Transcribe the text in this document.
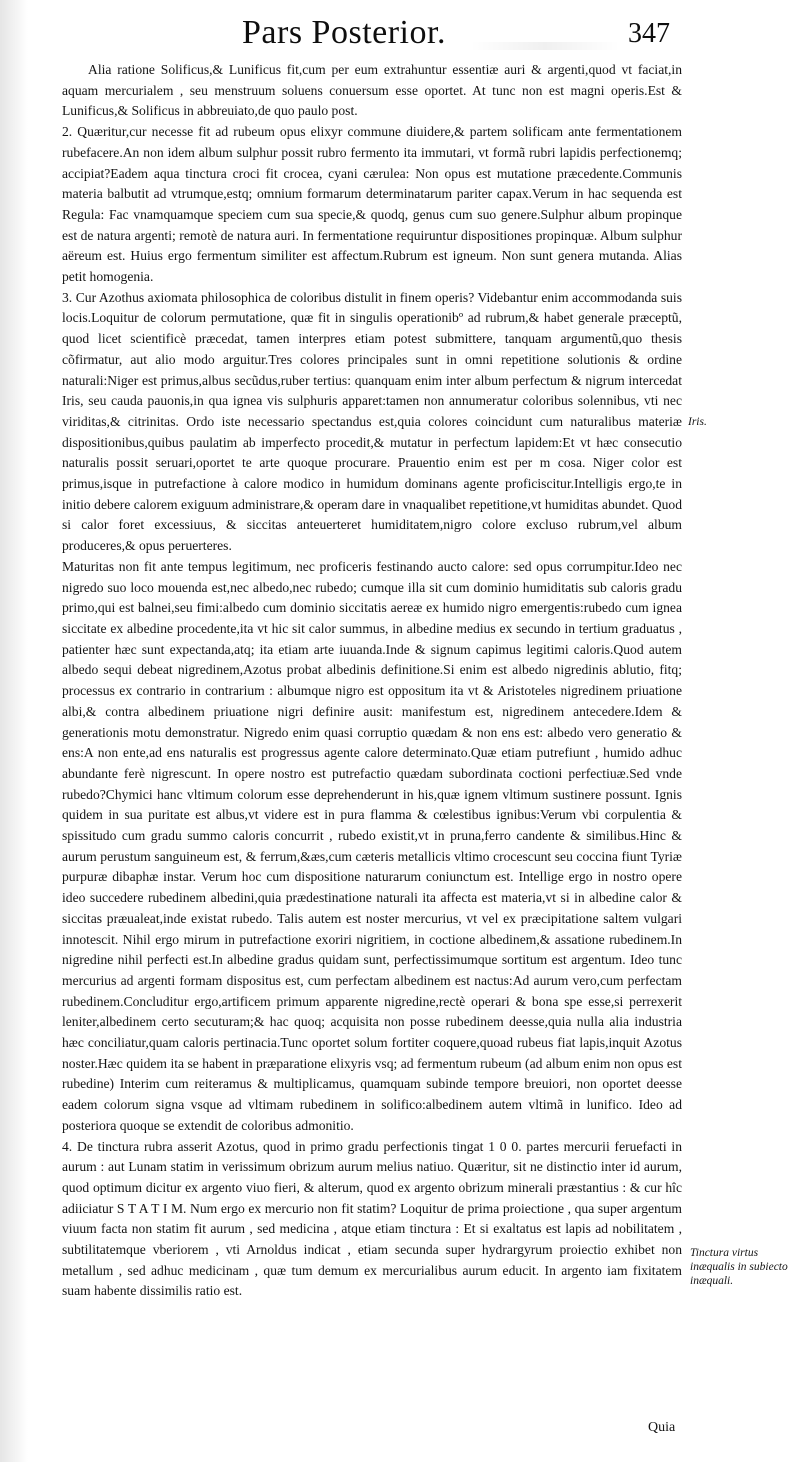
Pars Posterior.	347

Alia ratione Solificus,& Lunificus fit,cum per eum extrahuntur essentiæ auri & argenti,quod vt faciat,in aquam mercurialem , seu menstruum soluens conuersum esse oportet. At tunc non est magni operis.Est & Lunificus,& Solificus in abbreuiato,de quo paulo post.

2. Quæritur,cur necesse fit ad rubeum opus elixyr commune diuidere,& partem solificam ante fermentationem rubefacere.An non idem album sulphur possit rubro fermento ita immutari, vt formã rubri lapidis perfectionemq; accipiat?Eadem aqua tinctura croci fit crocea, cyani cærulea: Non opus est mutatione præcedente.Communis materia balbutit ad vtrumque,estq; omnium formarum determinatarum pariter capax.Verum in hac sequenda est Regula: Fac vnamquamque speciem cum sua specie,& quodq, genus cum suo genere.Sulphur album propinque est de natura argenti; remotè de natura auri. In fermentatione requiruntur dispositiones propinquæ. Album sulphur aëreum est. Huius ergo fermentum similiter est affectum.Rubrum est igneum. Non sunt genera mutanda. Alias petit homogenia.

3. Cur Azothus axiomata philosophica de coloribus distulit in finem operis? Videbantur enim accommodanda suis locis.Loquitur de colorum permutatione, quæ fit in singulis operationibº ad rubrum,& habet generale præceptũ, quod licet scientificè præcedat, tamen interpres etiam potest submittere, tanquam argumentũ,quo thesis cõfirmatur, aut alio modo arguitur.Tres colores principales sunt in omni repetitione solutionis & ordine naturali:Niger est primus,albus secũdus,ruber tertius: quanquam enim inter album perfectum & nigrum intercedat Iris, seu cauda pauonis,in qua ignea vis sulphuris apparet:tamen non annumeratur coloribus solennibus, vti nec viriditas,& citrinitas. Ordo iste necessario spectandus est,quia colores coincidunt cum naturalibus materiæ dispositionibus,quibus paulatim ab imperfecto procedit,& mutatur in perfectum lapidem:Et vt hæc consecutio naturalis possit seruari,oportet te arte quoque procurare. Prauentio enim est per m cosa. Niger color est primus,isque in putrefactione à calore modico in humidum dominans agente proficiscitur.Intelligis ergo,te in initio debere calorem exiguum administrare,& operam dare in vnaqualibet repetitione,vt humiditas abundet. Quod si calor foret excessiuus, & siccitas anteuerteret humiditatem,nigro colore excluso rubrum,vel album produceres,& opus peruerteres.

Maturitas non fit ante tempus legitimum, nec proficeris festinando aucto calore: sed opus corrumpitur.Ideo nec nigredo suo loco mouenda est,nec albedo,nec rubedo; cumque illa sit cum dominio humiditatis sub caloris gradu primo,qui est balnei,seu fimi:albedo cum dominio siccitatis aereæ ex humido nigro emergentis:rubedo cum ignea siccitate ex albedine procedente,ita vt hic sit calor summus, in albedine medius ex secundo in tertium graduatus , patienter hæc sunt expectanda,atq; ita etiam arte iuuanda.Inde & signum capimus legitimi caloris.Quod autem albedo sequi debeat nigredinem,Azotus probat albedinis definitione.Si enim est albedo nigredinis ablutio, fitq; processus ex contrario in contrarium : albumque nigro est oppositum ita vt & Aristoteles nigredinem priuatione albi,& contra albedinem priuatione nigri definire ausit: manifestum est, nigredinem antecedere.Idem & generationis motu demonstratur. Nigredo enim quasi corruptio quædam & non ens est: albedo vero generatio & ens:A non ente,ad ens naturalis est progressus agente calore determinato.Quæ etiam putrefiunt , humido adhuc abundante ferè nigrescunt. In opere nostro est putrefactio quædam subordinata coctioni perfectiuæ.Sed vnde rubedo?Chymici hanc vltimum colorum esse deprehenderunt in his,quæ ignem vltimum sustinere possunt. Ignis quidem in sua puritate est albus,vt videre est in pura flamma & cœlestibus ignibus:Verum vbi corpulentia & spissitudo cum gradu summo caloris concurrit , rubedo existit,vt in pruna,ferro candente & similibus.Hinc & aurum perustum sanguineum est, & ferrum,&æs,cum cæteris metallicis vltimo crocescunt seu coccina fiunt Tyriæ purpuræ dibaphæ instar. Verum hoc cum dispositione naturarum coniunctum est. Intellige ergo in nostro opere ideo succedere rubedinem albedini,quia prædestinatione naturali ita affecta est materia,vt si in albedine calor & siccitas præualeat,inde existat rubedo. Talis autem est noster mercurius, vt vel ex præcipitatione saltem vulgari innotescit. Nihil ergo mirum in putrefactione exoriri nigritiem, in coctione albedinem,& assatione rubedinem.In nigredine nihil perfecti est.In albedine gradus quidam sunt, perfectissimumque sortitum est argentum. Ideo tunc mercurius ad argenti formam dispositus est, cum perfectam albedinem est nactus:Ad aurum vero,cum perfectam rubedinem.Concluditur ergo,artificem primum apparente nigredine,rectè operari & bona spe esse,si perrexerit leniter,albedinem certo secuturam;& hac quoq; acquisita non posse rubedinem deesse,quia nulla alia industria hæc conciliatur,quam caloris pertinacia.Tunc oportet solum fortiter coquere,quoad rubeus fiat lapis,inquit Azotus noster.Hæc quidem ita se habent in præparatione elixyris vsq; ad fermentum rubeum (ad album enim non opus est rubedine) Interim cum reiteramus & multiplicamus, quamquam subinde tempore breuiori, non oportet deesse eadem colorum signa vsque ad vltimam rubedinem in solifico:albedinem autem vltimã in lunifico. Ideo ad posteriora quoque se extendit de coloribus admonitio.

4. De tinctura rubra asserit Azotus, quod in primo gradu perfectionis tingat 1 0 0. partes mercurii feruefacti in aurum : aut Lunam statim in verissimum obrizum aurum melius natiuo. Quæritur, sit ne distinctio inter id aurum, quod optimum dicitur ex argento viuo fieri, & alterum, quod ex argento obrizum minerali præstantius : & cur hîc adiiciatur S T A T I M. Num ergo ex mercurio non fit statim? Loquitur de prima proiectione , qua super argentum viuum facta non statim fit aurum , sed medicina , atque etiam tinctura : Et si exaltatus est lapis ad nobilitatem , subtilitatemque vberiorem , vti Arnoldus indicat , etiam secunda super hydrargyrum proiectio exhibet non metallum , sed adhuc medicinam , quæ tum demum ex mercurialibus aurum educit. In argento iam fixitatem suam habente dissimilis ratio est.

Iris.
Tinctura virtus inæqualis in subiecto inæquali.
Quia
